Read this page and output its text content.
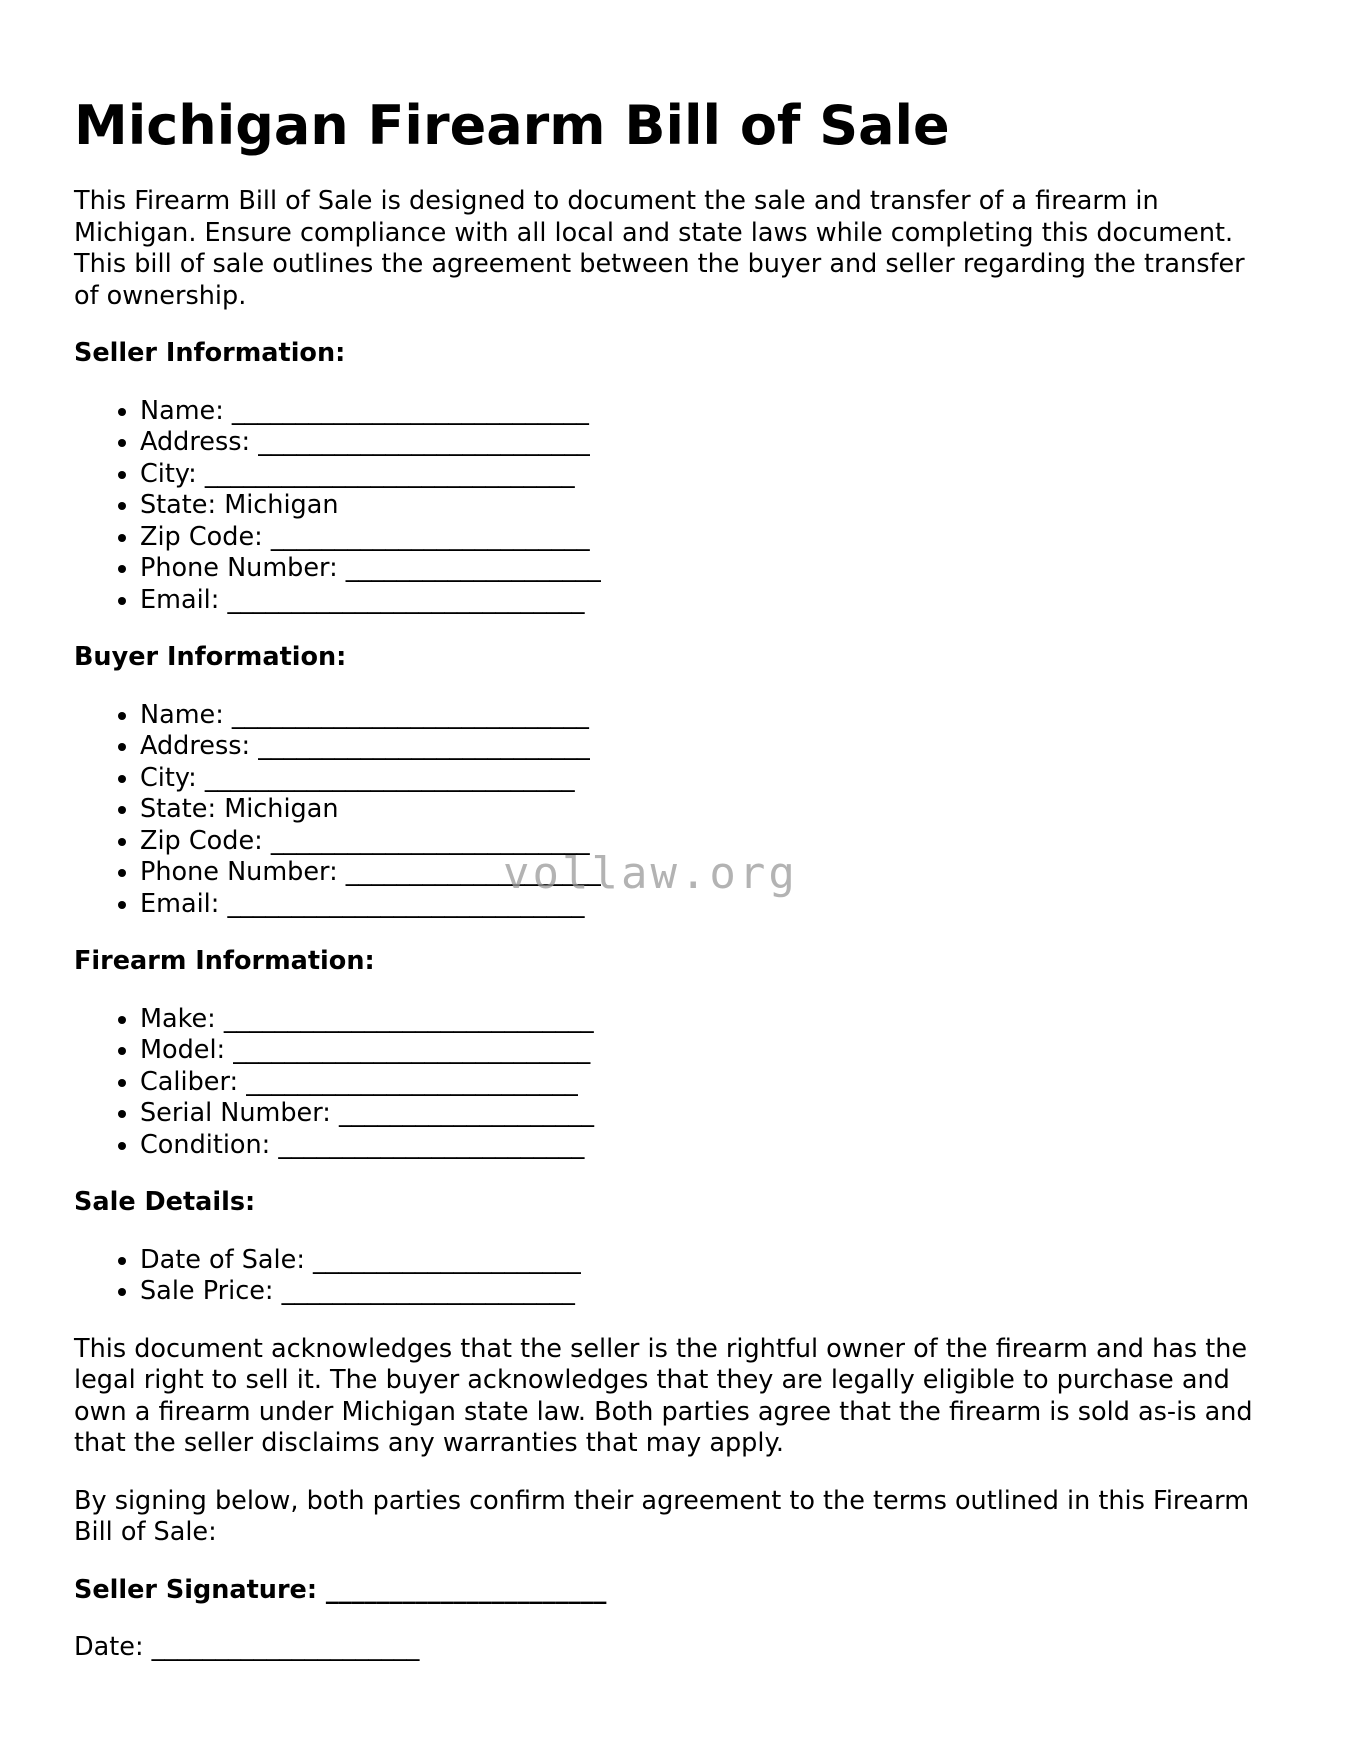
Michigan Firearm Bill of Sale

This Firearm Bill of Sale is designed to document the sale and transfer of a firearm in Michigan. Ensure compliance with all local and state laws while completing this document. This bill of sale outlines the agreement between the buyer and seller regarding the transfer of ownership.

Seller Information:

• Name: ____________________________
• Address: __________________________
• City: _____________________________
• State: Michigan
• Zip Code: _________________________
• Phone Number: ____________________
• Email: ____________________________

Buyer Information:

• Name: ____________________________
• Address: __________________________
• City: _____________________________
• State: Michigan
• Zip Code: _________________________
• Phone Number: ____________________
• Email: ____________________________

Firearm Information:

• Make: _____________________________
• Model: ____________________________
• Caliber: __________________________
• Serial Number: ____________________
• Condition: ________________________

Sale Details:

• Date of Sale: _____________________
• Sale Price: _______________________

This document acknowledges that the seller is the rightful owner of the firearm and has the legal right to sell it. The buyer acknowledges that they are legally eligible to purchase and own a firearm under Michigan state law. Both parties agree that the firearm is sold as-is and that the seller disclaims any warranties that may apply.

By signing below, both parties confirm their agreement to the terms outlined in this Firearm Bill of Sale:

Seller Signature: ______________________

Date: _____________________

vollaw.org
